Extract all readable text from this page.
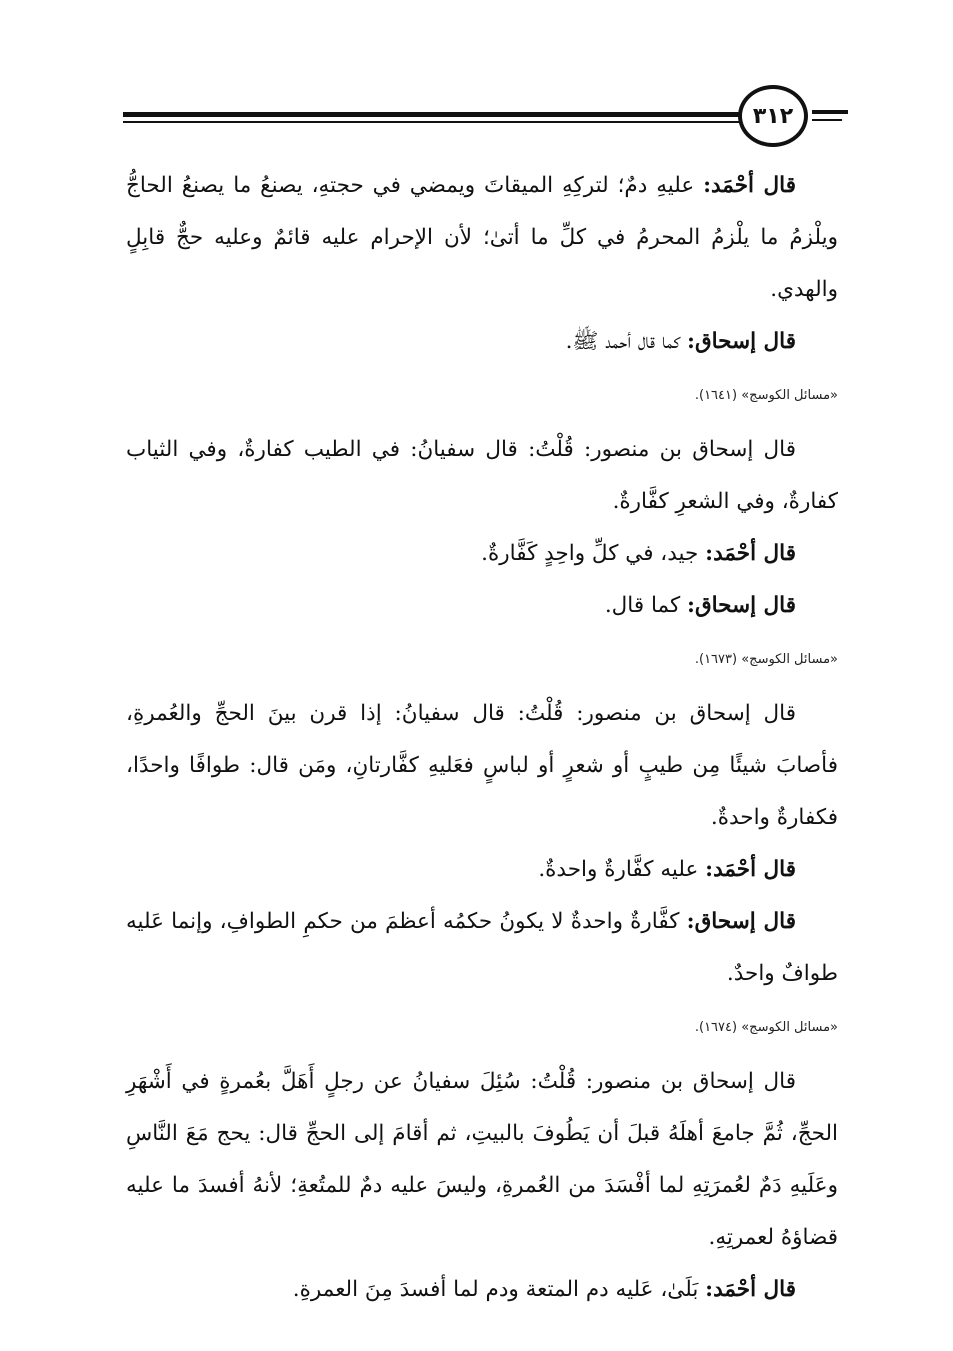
٣١٢

قال أحْمَد: عليهِ دمٌ؛ لتركِهِ الميقاتَ ويمضي في حجتهِ، يصنعُ ما يصنعُ الحاجُّ ويلْزمُ ما يلْزمُ المحرمُ في كلِّ ما أتىٰ؛ لأن الإحرام عليه قائمٌ وعليه حجٌّ قابِلٍ والهدي.

قال إسحاق: كما قال أحمد ﷺ.

«مسائل الكوسج» (١٦٤١).

قال إسحاق بن منصور: قُلْتُ: قال سفيانُ: في الطيب كفارةٌ، وفي الثياب كفارةٌ، وفي الشعرِ كفَّارةٌ.

قال أحْمَد: جيد، في كلِّ واحِدٍ كَفَّارةٌ.

قال إسحاق: كما قال.

«مسائل الكوسج» (١٦٧٣).

قال إسحاق بن منصور: قُلْتُ: قال سفيانُ: إذا قرن بينَ الحجِّ والعُمرةِ، فأصابَ شيئًا مِن طيبٍ أو شعرٍ أو لباسٍ فعَليهِ كفَّارتانِ، ومَن قال: طوافًا واحدًا، فكفارةٌ واحدةٌ.

قال أحْمَد: عليه كفَّارةٌ واحدةٌ.

قال إسحاق: كفَّارةٌ واحدةٌ لا يكونُ حكمُه أعظمَ من حكمِ الطوافِ، وإنما عَليه طوافٌ واحدٌ.

«مسائل الكوسج» (١٦٧٤).

قال إسحاق بن منصور: قُلْتُ: سُئِلَ سفيانُ عن رجلٍ أَهَلَّ بعُمرةٍ في أَشْهَرِ الحجِّ، ثُمَّ جامعَ أهلَهُ قبلَ أن يَطُوفَ بالبيتِ، ثم أقامَ إلى الحجِّ قال: يحج مَعَ النَّاسِ وعَلَيهِ دَمٌ لعُمرَتِهِ لما أفْسَدَ من العُمرةِ، وليسَ عليه دمٌ للمتُعةِ؛ لأنهُ أفسدَ ما عليه قضاؤهُ لعمرتِهِ.

قال أحْمَد: بَلَىٰ، عَليه دم المتعة ودم لما أفسدَ مِنَ العمرةِ.
